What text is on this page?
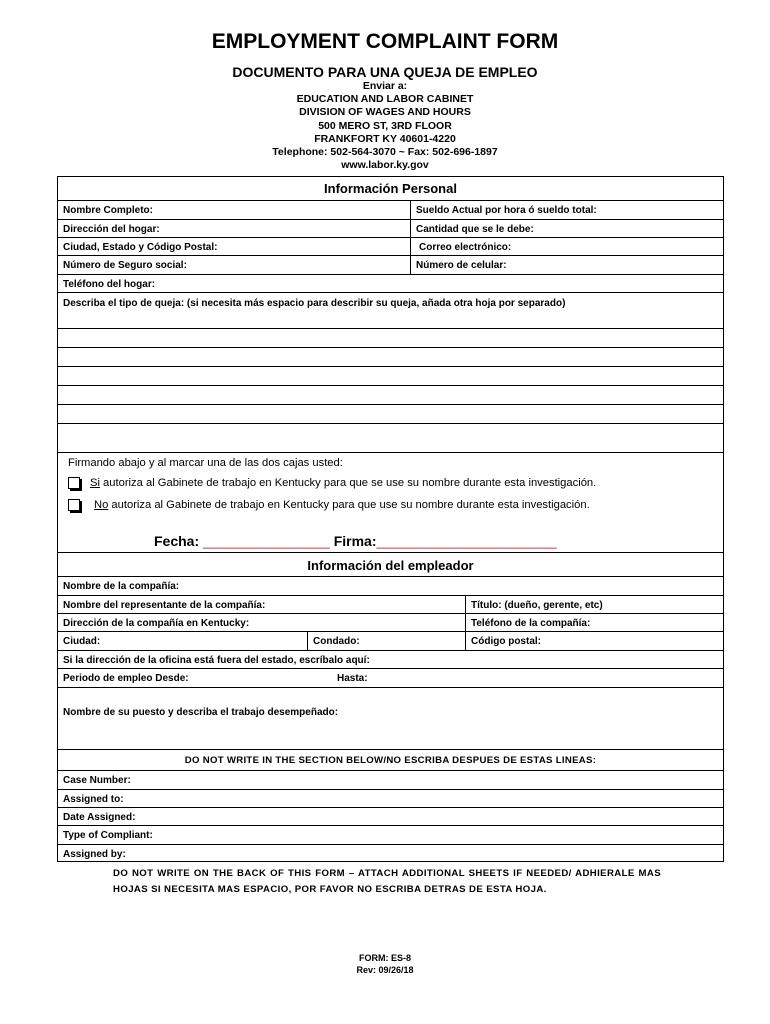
EMPLOYMENT COMPLAINT FORM
DOCUMENTO PARA UNA QUEJA DE EMPLEO
Enviar a:
EDUCATION AND LABOR CABINET
DIVISION OF WAGES AND HOURS
500 MERO ST, 3RD FLOOR
FRANKFORT KY 40601-4220
Telephone: 502-564-3070 ~ Fax: 502-696-1897
www.labor.ky.gov
Información Personal
Nombre Completo:	Sueldo Actual por hora ó sueldo total:
Dirección del hogar:	Cantidad que se le debe:
Ciudad, Estado y Código Postal:	Correo electrónico:
Número de Seguro social:	Número de celular:
Teléfono del hogar:
Describa el tipo de queja: (si necesita más espacio para describir su queja, añada otra hoja por separado)
Firmando abajo y al marcar una de las dos cajas usted:
Si autoriza al Gabinete de trabajo en Kentucky para que se use su nombre durante esta investigación.
No autoriza al Gabinete de trabajo en Kentucky para que use su nombre durante esta investigación.
Fecha: ___________________ Firma:___________________________
Información del empleador
Nombre de la compañía:
Nombre del representante de la compañía:	Título: (dueño, gerente, etc)
Dirección de la compañía en Kentucky:	Teléfono de la compañía:
Ciudad:	Condado:	Código postal:
Si la dirección de la oficina está fuera del estado, escríbalo aquí:
Periodo de empleo Desde:	Hasta:
Nombre de su puesto y describa el trabajo desempeñado:
DO NOT WRITE IN THE SECTION BELOW/NO ESCRIBA DESPUES DE ESTAS LINEAS:
Case Number:
Assigned to:
Date Assigned:
Type of Compliant:
Assigned by:
DO NOT WRITE ON THE BACK OF THIS FORM – ATTACH ADDITIONAL SHEETS IF NEEDED/ ADHIERALE MAS HOJAS SI NECESITA MAS ESPACIO, POR FAVOR NO ESCRIBA DETRAS DE ESTA HOJA.
FORM: ES-8
Rev: 09/26/18
